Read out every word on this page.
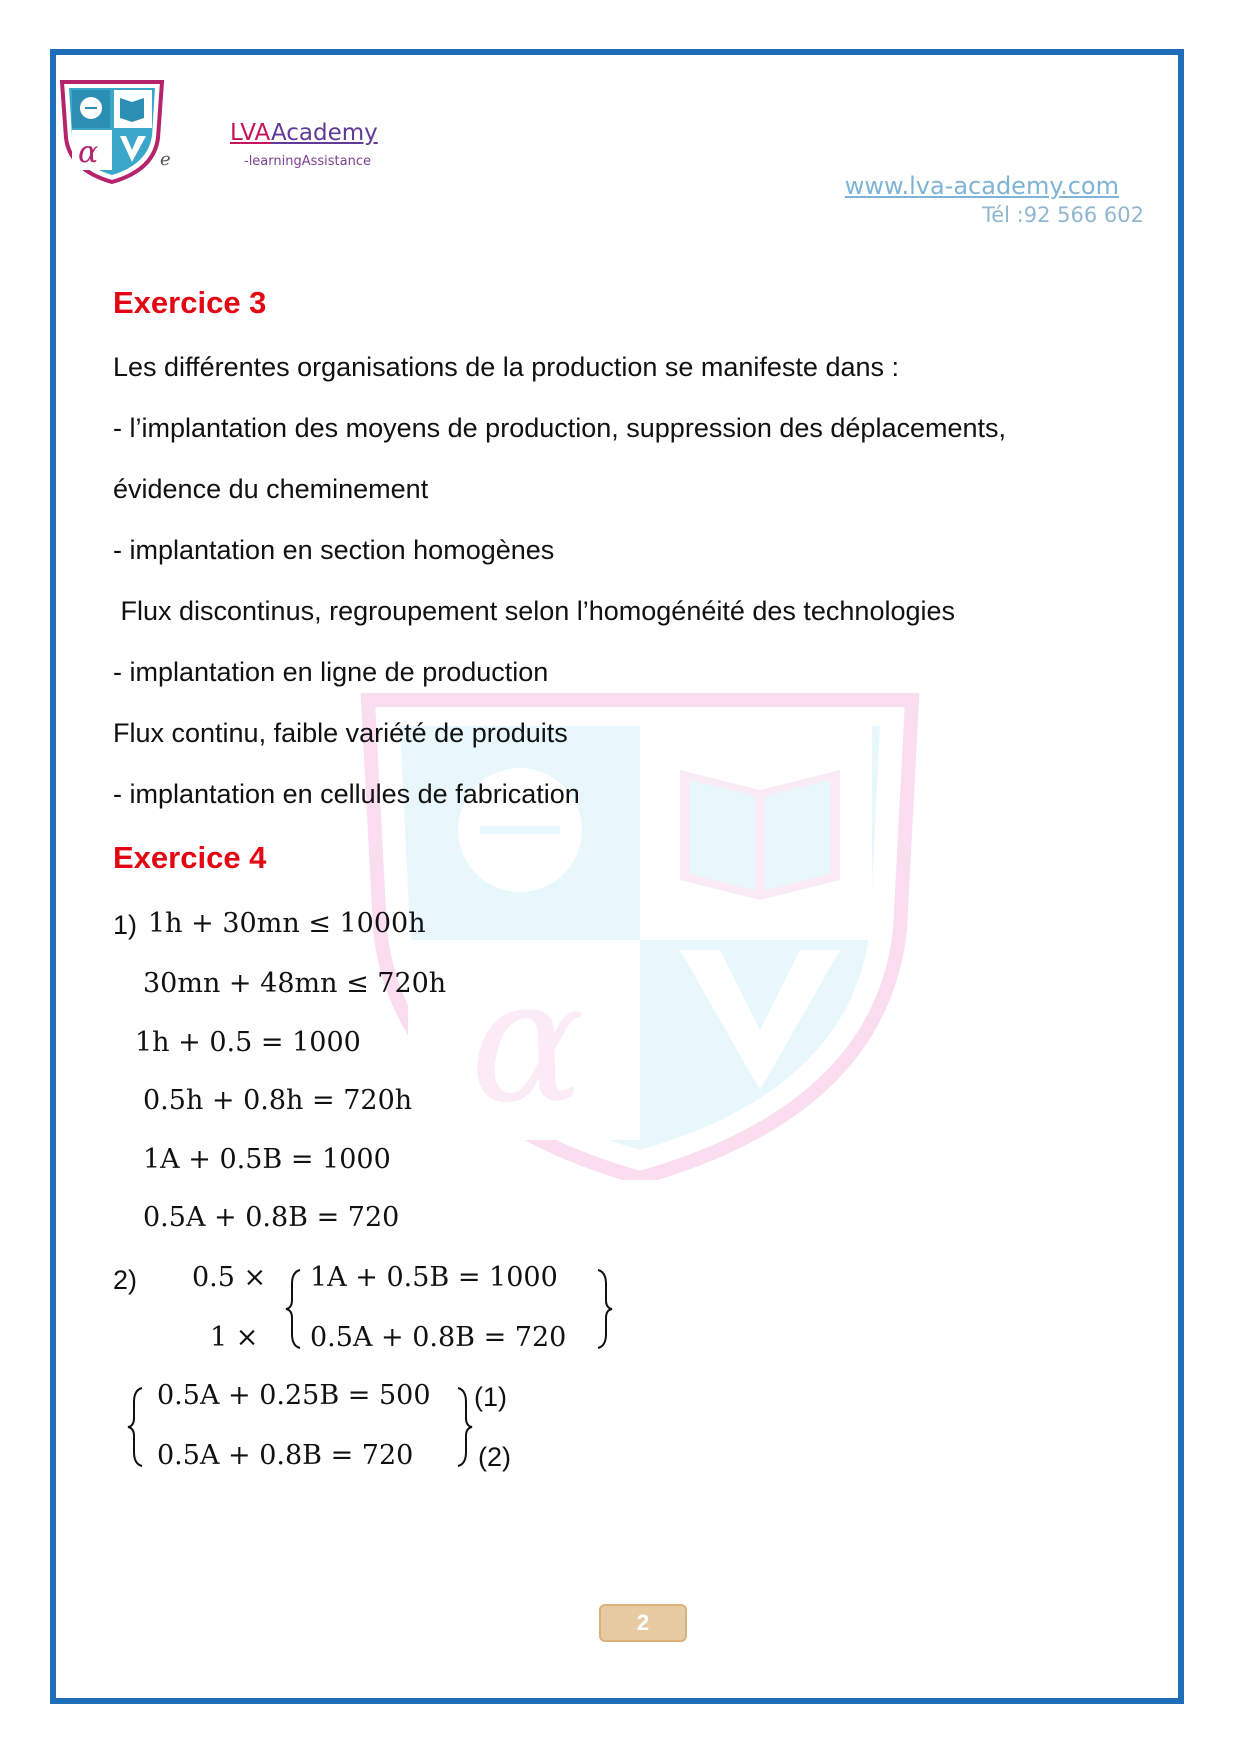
α	e
LVAAcademy
-learningAssistance
www.lva-academy.com
Tél :92 566 602
α
Exercice 3
Les différentes organisations de la production se manifeste dans :
- l’implantation des moyens de production, suppression des déplacements,
évidence du cheminement
- implantation en section homogènes
Flux discontinus, regroupement selon l’homogénéité des technologies
- implantation en ligne de production
Flux continu, faible variété de produits
- implantation en cellules de fabrication
Exercice 4
1) 1h + 30mn ≤ 1000h
30mn + 48mn ≤ 720h
1h + 0.5 = 1000
0.5h + 0.8h = 720h
1A + 0.5B = 1000
0.5A + 0.8B = 720
2) 0.5 ×
1 ×
1A + 0.5B = 1000
0.5A + 0.8B = 720
0.5A + 0.25B = 500
0.5A + 0.8B = 720
(1)
(2)
2
